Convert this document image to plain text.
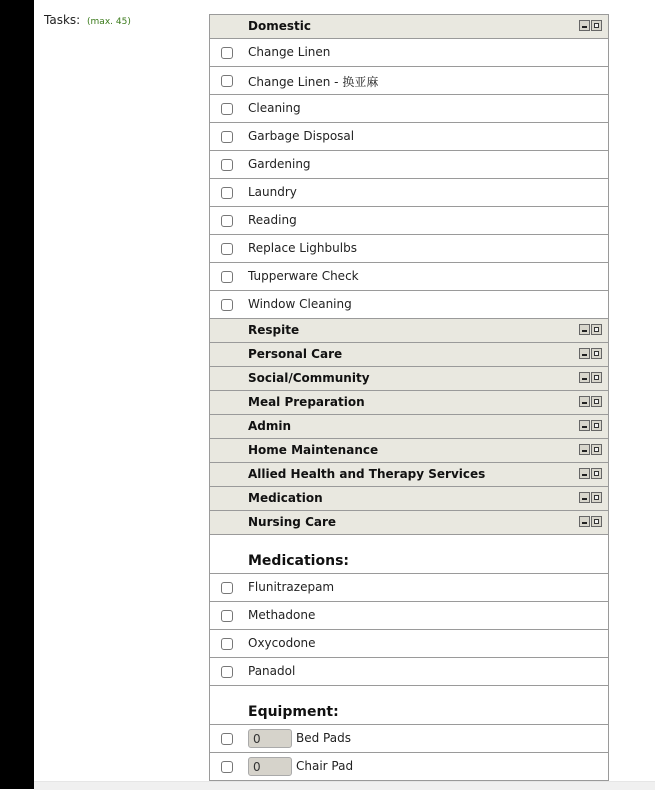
Tasks: (max. 45)	Domestic
Change Linen
Change Linen - 换亚麻
Cleaning
Garbage Disposal
Gardening
Laundry
Reading
Replace Lighbulbs
Tupperware Check
Window Cleaning
Respite
Personal Care
Social/Community
Meal Preparation
Admin
Home Maintenance
Allied Health and Therapy Services
Medication
Nursing Care
Medications:
Flunitrazepam
Methadone
Oxycodone
Panadol
Equipment:
0	Bed Pads
0	Chair Pad
